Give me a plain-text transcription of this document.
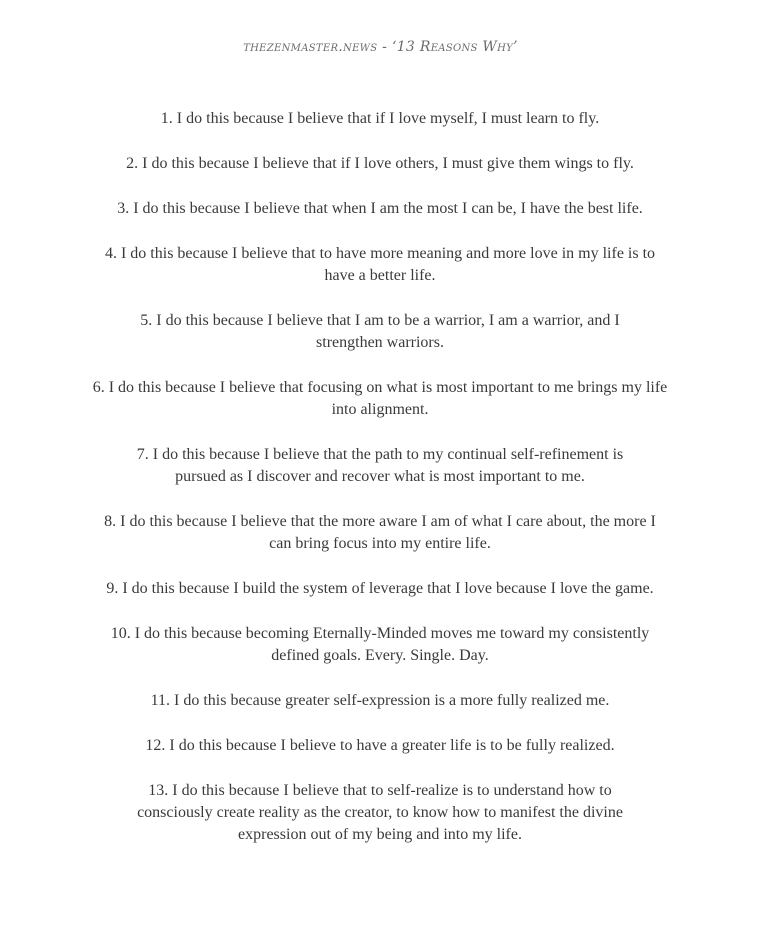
thezenmaster.news - ‘13 Reasons Why’

1. I do this because I believe that if I love myself, I must learn to fly.

2. I do this because I believe that if I love others, I must give them wings to fly.

3. I do this because I believe that when I am the most I can be, I have the best life.

4. I do this because I believe that to have more meaning and more love in my life is to have a better life.

5. I do this because I believe that I am to be a warrior, I am a warrior, and I strengthen warriors.

6. I do this because I believe that focusing on what is most important to me brings my life into alignment.

7. I do this because I believe that the path to my continual self-refinement is pursued as I discover and recover what is most important to me.

8. I do this because I believe that the more aware I am of what I care about, the more I can bring focus into my entire life.

9. I do this because I build the system of leverage that I love because I love the game.

10. I do this because becoming Eternally-Minded moves me toward my consistently defined goals. Every. Single. Day.

11. I do this because greater self-expression is a more fully realized me.

12. I do this because I believe to have a greater life is to be fully realized.

13. I do this because I believe that to self-realize is to understand how to consciously create reality as the creator, to know how to manifest the divine expression out of my being and into my life.
